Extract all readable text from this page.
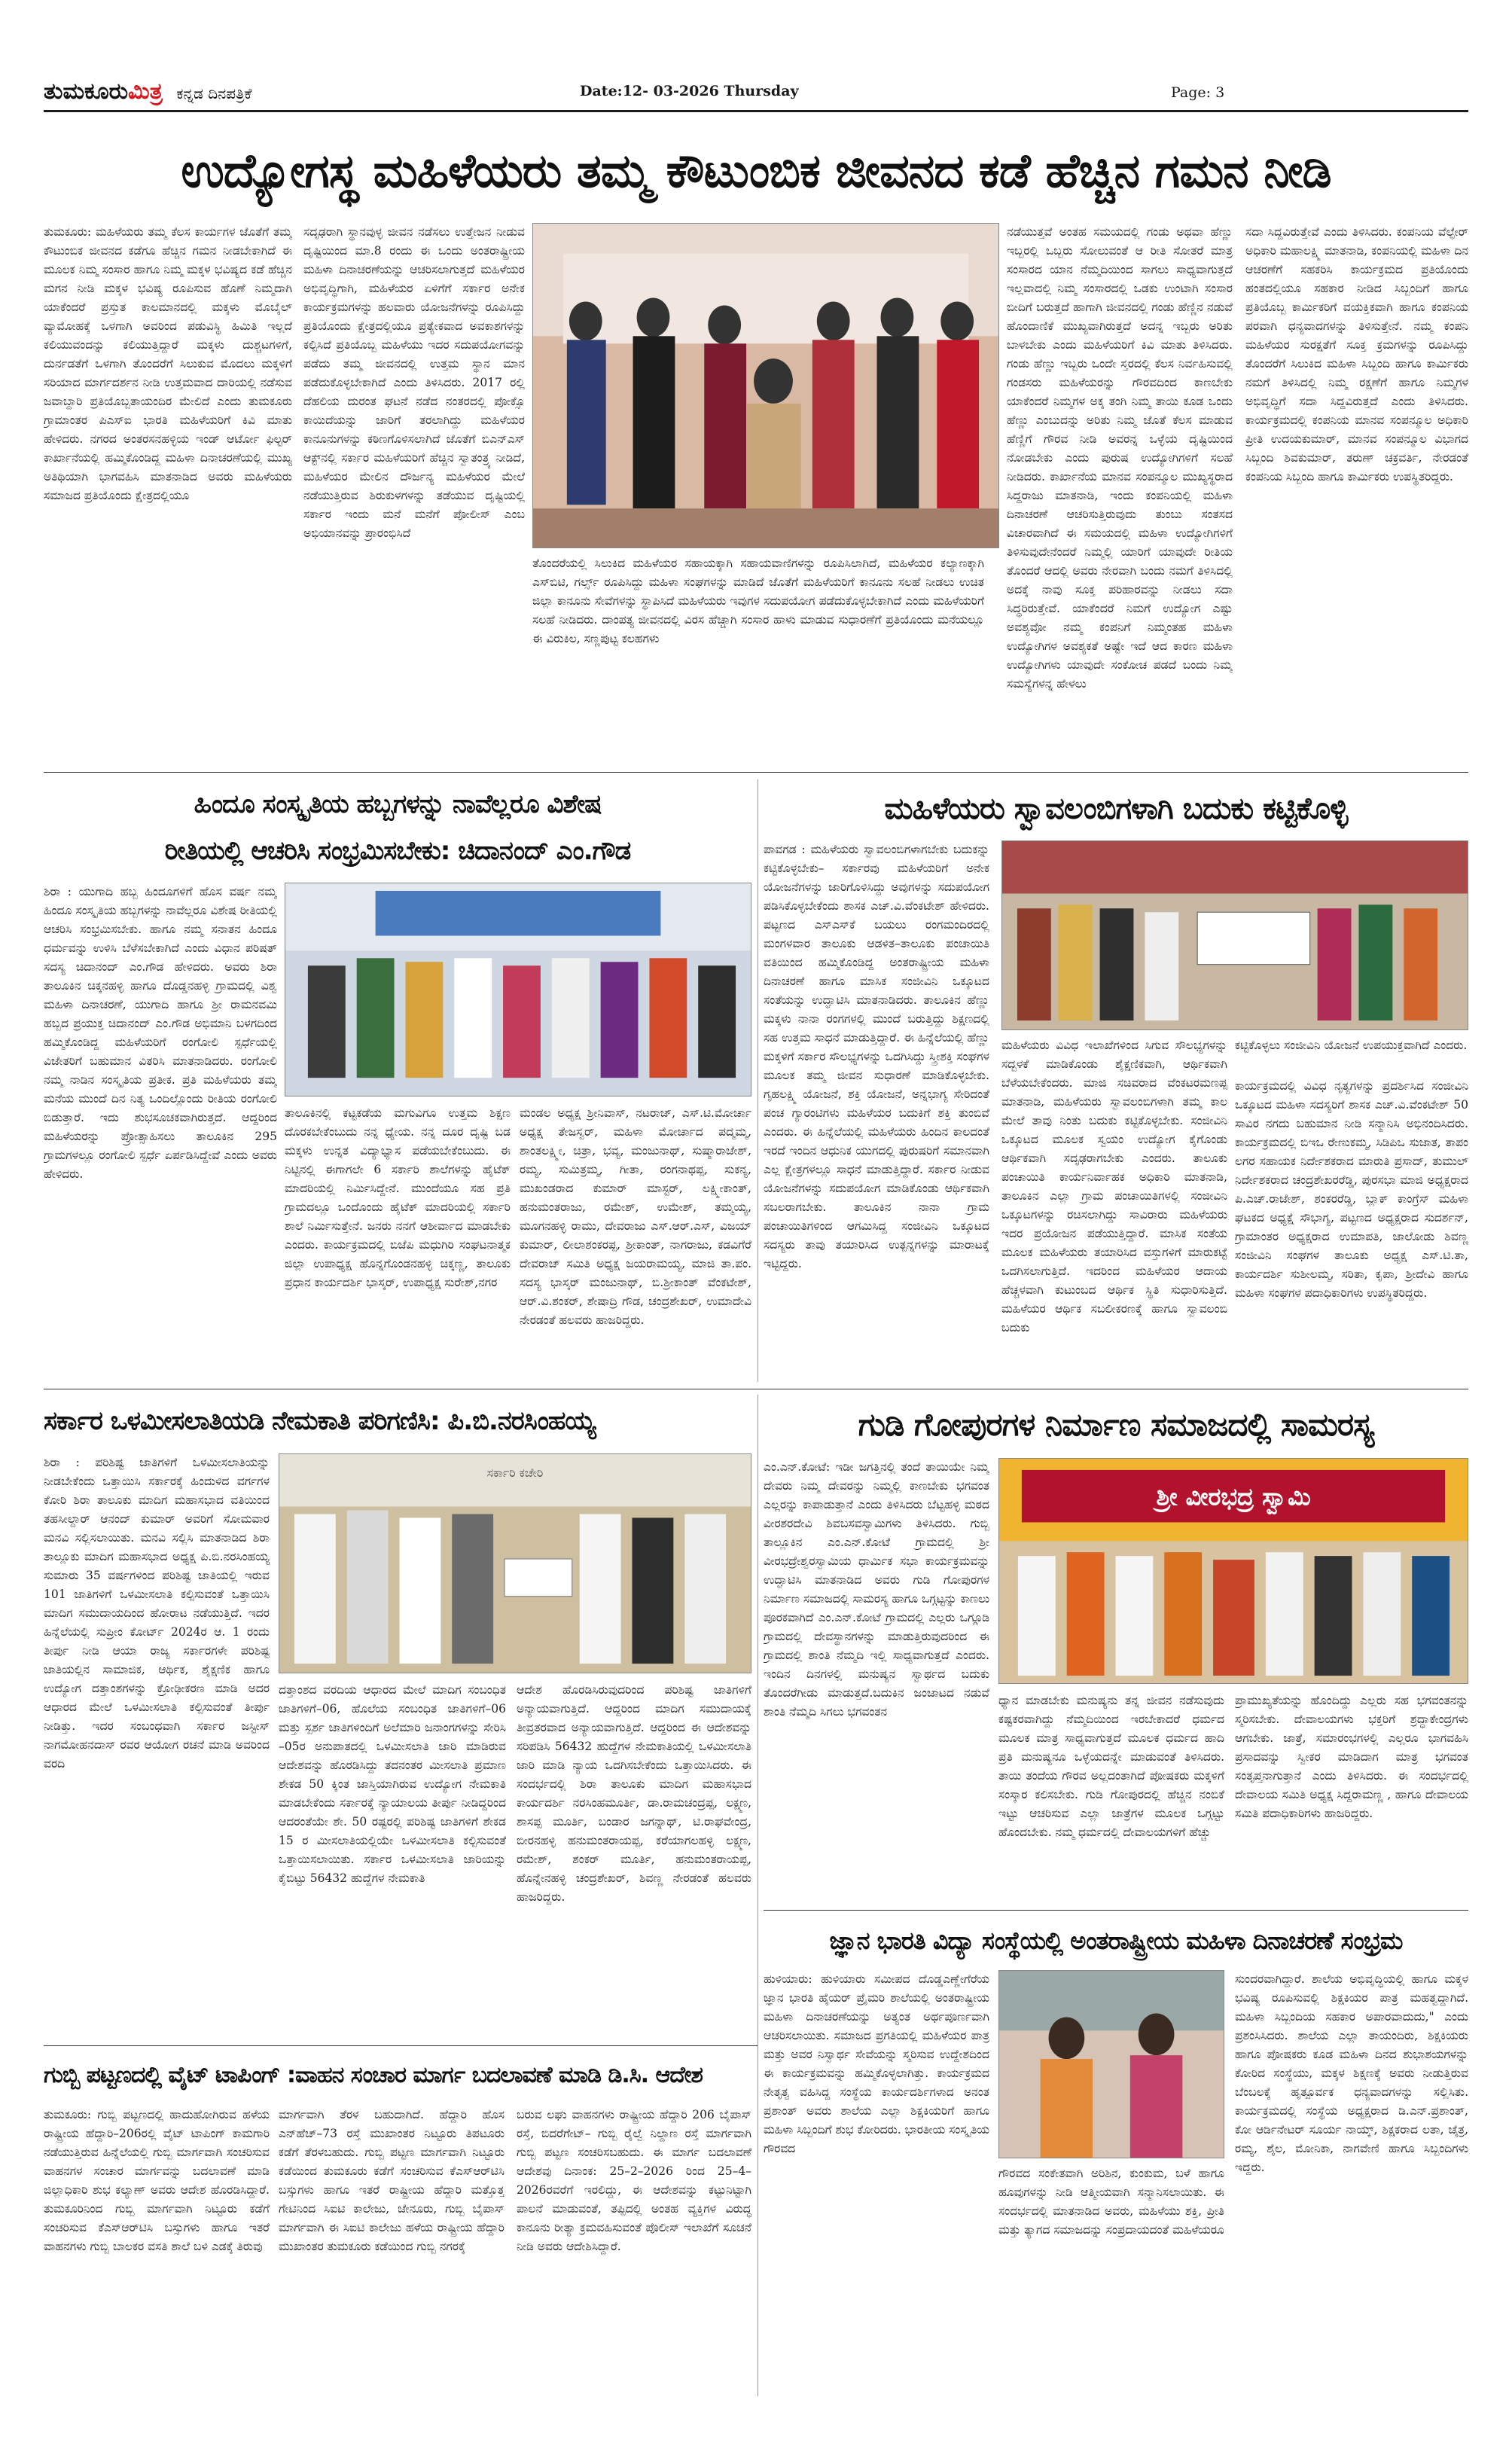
ತುಮಕೂರುಮಿತ್ರ ಕನ್ನಡ ದಿನಪತ್ರಿಕೆ	Date:12- 03-2026 Thursday	Page: 3
ಉದ್ಯೋಗಸ್ಥ ಮಹಿಳೆಯರು ತಮ್ಮ ಕೌಟುಂಬಿಕ ಜೀವನದ ಕಡೆ ಹೆಚ್ಚಿನ ಗಮನ ನೀಡಿ
ತುಮಕೂರು: ಮಹಿಳೆಯರು ತಮ್ಮ ಕೆಲಸ ಕಾರ್ಯಗಳ ಜೊತೆಗೆ ತಮ್ಮ ಕೌಟುಂಬಿಕ ಜೀವನದ ಕಡೆಗೂ ಹೆಚ್ಚಿನ ಗಮನ ನೀಡಬೇಕಾಗಿದೆ ಈ ಮೂಲಕ ನಿಮ್ಮ ಸಂಸಾರ ಹಾಗೂ ನಿಮ್ಮ ಮಕ್ಕಳ ಭವಿಷ್ಯದ ಕಡೆ ಹೆಚ್ಚಿನ ಮಗನ ನೀಡಿ ಮಕ್ಕಳ ಭವಿಷ್ಯ ರೂಪಿಸುವ ಹೊಣೆ ನಿಮ್ಮದಾಗಿ ಯಾಕೆಂದರೆ ಪ್ರಸ್ತುತ ಕಾಲಮಾನದಲ್ಲಿ ಮಕ್ಕಳು ಮೊಬೈಲ್ ವ್ಯಾಮೋಹಕ್ಕೆ ಒಳಗಾಗಿ ಅವರಿಂದ ಪಡುವಿಸ್ಥಿ ಹಿಮಿತಿ ಇಲ್ಲದೆ ಕಲಿಯುವಂದನ್ನು ಕಲಿಯುತ್ತಿದ್ದಾರೆ ಮಕ್ಕಳು ದುಶ್ಚಟಗಳಿಗೆ, ದುರ್ನಡತೆಗೆ ಒಳಗಾಗಿ ತೊಂದರೆಗೆ ಸಿಲುಕುವ ಮೊದಲು ಮಕ್ಕಳಿಗೆ ಸರಿಯಾದ ಮಾರ್ಗದರ್ಶನ ನೀಡಿ ಉತ್ತಮವಾದ ದಾರಿಯಲ್ಲಿ ನಡೆಸುವ ಜವಾಬ್ದಾರಿ ಪ್ರತಿಯೊಬ್ಬತಾಯಂದಿರ ಮೇಲಿದೆ ಎಂದು ತುಮಕೂರು ಗ್ರಾಮಾಂತರ ಪಿಎಸ್‌ಐ ಭಾರತಿ ಮಹಿಳೆಯರಿಗೆ ಕಿವಿ ಮಾತು ಹೇಳಿದರು. ನಗರದ ಅಂತರಸನಹಳ್ಳಿಯ ಇಂಡ್ ಆರ್ಟೋ ಫಿಲ್ಟರ್ ಕಾರ್ಖಾನೆಯಲ್ಲಿ ಹಮ್ಮಿಕೊಂಡಿದ್ದ ಮಹಿಳಾ ದಿನಾಚರಣೆಯಲ್ಲಿ ಮುಖ್ಯ ಅತಿಥಿಯಾಗಿ ಭಾಗವಹಿಸಿ ಮಾತನಾಡಿದ ಅವರು ಮಹಿಳೆಯರು ಸಮಾಜದ ಪ್ರತಿಯೊಂದು ಕ್ಷೇತ್ರದಲ್ಲಿಯೂ
ಸದೃಢರಾಗಿ ಸ್ಥಾನವುಳ್ಳ ಜೀವನ ನಡೆಸಲು ಉತ್ತೇಜನ ನೀಡುವ ದೃಷ್ಟಿಯಿಂದ ಮಾ.8 ರಂದು ಈ ಒಂದು ಅಂತರಾಷ್ಟ್ರೀಯ ಮಹಿಳಾ ದಿನಾಚರಣೆಯನ್ನು ಆಚರಿಸಲಾಗುತ್ತದೆ ಮಹಿಳೆಯರ ಅಭಿವೃದ್ಧಿಗಾಗಿ, ಮಹಿಳೆಯರ ಏಳಿಗೆಗೆ ಸರ್ಕಾರ ಅನೇಕ ಕಾರ್ಯಕ್ರಮಗಳನ್ನು ಹಲವಾರು ಯೋಜನೆಗಳನ್ನು ರೂಪಿಸಿದ್ದು ಪ್ರತಿಯೊಂದು ಕ್ಷೇತ್ರದಲ್ಲಿಯೂ ಪ್ರತ್ಯೇಕವಾದ ಅವಕಾಶಗಳನ್ನು ಕಲ್ಪಿಸಿದೆ ಪ್ರತಿಯೊಬ್ಬ ಮಹಿಳೆಯು ಇದರ ಸದುಪಯೋಗವನ್ನು ಪಡೆದು ತಮ್ಮ ಜೀವನದಲ್ಲಿ ಉತ್ತಮ ಸ್ಥಾನ ಮಾನ ಪಡೆದುಕೊಳ್ಳಬೇಕಾಗಿದೆ ಎಂದು ತಿಳಿಸಿದರು. 2017 ರಲ್ಲಿ ದೆಹಲಿಯ ದುರಂತ ಘಟನೆ ನಡೆದ ನಂತರದಲ್ಲಿ ಪೋಕ್ಸೊ ಕಾಯಿದೆಯನ್ನು ಜಾರಿಗೆ ತರಲಾಗಿದ್ದು ಮಹಿಳೆಯರ ಕಾನೂನುಗಳನ್ನು ಕಠಿಣಗೊಳಿಸಲಾಗಿದೆ ಜೊತೆಗೆ ಬಿಎನ್‌ಎಸ್ ಆಕ್ಟ್‌ನಲ್ಲಿ ಸರ್ಕಾರ ಮಹಿಳೆಯರಿಗೆ ಹೆಚ್ಚಿನ ಸ್ವಾತಂತ್ರ್ಯ ನೀಡಿದೆ, ಮಹಿಳೆಯರ ಮೇಲಿನ ದೌರ್ಜನ್ಯ ಮಹಿಳೆಯರ ಮೇಲೆ ನಡೆಯುತ್ತಿರುವ ಶಿರುಕುಳಗಳನ್ನು ತಡೆಯುವ ದೃಷ್ಟಿಯಲ್ಲಿ ಸರ್ಕಾರ ಇಂದು ಮನೆ ಮನೆಗೆ ಪೋಲೀಸ್ ಎಂಬ ಅಭಿಯಾನವನ್ನು ಪ್ರಾರಂಭಿಸಿದೆ
ತೊಂದರೆಯಲ್ಲಿ ಸಿಲುಕಿದ ಮಹಿಳೆಯರ ಸಹಾಯಕ್ಕಾಗಿ ಸಹಾಯವಾಣಿಗಳನ್ನು ರೂಪಿಸಿಲಾಗಿದೆ, ಮಹಿಳೆಯರ ಕಲ್ಯಾಣಕ್ಕಾಗಿ ಎಸ್‌ಬಿಟಿ, ಗರ್ಲ್ಸ್ ರೂಪಿಸಿದ್ದು ಮಹಿಳಾ ಸಂಘಗಳನ್ನು ಮಾಡಿದೆ ಜೊತೆಗೆ ಮಹಿಳೆಯರಿಗೆ ಕಾನೂನು ಸಲಹೆ ನೀಡಲು ಉಚಿತ ಜಿಲ್ಲಾ ಕಾನೂನು ಸೇವೆಗಳನ್ನು ಸ್ಥಾಪಿಸಿದೆ ಮಹಿಳೆಯರು ಇವುಗಳ ಸದುಪಯೋಗ ಪಡೆದುಕೊಳ್ಳಬೇಕಾಗಿದೆ ಎಂದು ಮಹಿಳೆಯರಿಗೆ ಸಲಹೆ ನೀಡಿದರು. ದಾಂಪತ್ಯ ಜೀವನದಲ್ಲಿ ವಿರಸ ಹೆಚ್ಚಾಗಿ ಸಂಸಾರ ಹಾಳು ಮಾಡುವ ಸುಧಾರಣೆಗೆ ಪ್ರತಿಯೊಂದು ಮನೆಯಲ್ಲೂ ಈ ವಿರುಕಿಲ, ಸಣ್ಣಪುಟ್ಟ ಕಲಹಗಳು
ನಡೆಯುತ್ತವೆ ಅಂತಹ ಸಮಯದಲ್ಲಿ ಗಂಡು ಅಥವಾ ಹೆಣ್ಣು ಇಬ್ಬರಲ್ಲಿ ಒಬ್ಬರು ಸೋಲುವಂತೆ ಆ ರೀತಿ ಸೋತರೆ ಮಾತ್ರ ಸಂಸಾರದ ಯಾನ ನೆಮ್ಮದಿಯಿಂದ ಸಾಗಲು ಸಾಧ್ಯವಾಗುತ್ತದೆ ಇಲ್ಲವಾದಲ್ಲಿ ನಿಮ್ಮ ಸಂಸಾರದಲ್ಲಿ ಒಡಕು ಉಂಟಾಗಿ ಸಂಸಾರ ಬೀದಿಗೆ ಬರುತ್ತದೆ ಹಾಗಾಗಿ ಜೀವನದಲ್ಲಿ ಗಂಡು ಹೆಣ್ಣಿನ ನಡುವೆ ಹೊಂದಾಣಿಕೆ ಮುಖ್ಯವಾಗಿರುತ್ತದೆ ಅದನ್ನ ಇಬ್ಬರು ಅರಿತು ಬಾಳಬೇಕು ಎಂದು ಮಹಿಳೆಯರಿಗೆ ಕಿವಿ ಮಾತು ತಿಳಿಸಿದರು. ಗಂಡು ಹೆಣ್ಣು ಇಬ್ಬರು ಒಂದೇ ಸ್ತರದಲ್ಲಿ ಕೆಲಸ ನಿರ್ವಹಿಸುವಲ್ಲಿ ಗಂಡಸರು ಮಹಿಳೆಯರನ್ನು ಗೌರವದಿಂದ ಕಾಣಬೇಕು ಯಾಕೆಂದರೆ ನಿಮ್ಮಗಳ ಅಕ್ಕ ತಂಗಿ ನಿಮ್ಮ ತಾಯಿ ಕೂಡ ಒಂದು ಹೆಣ್ಣು ಎಂಬುದನ್ನು ಅರಿತು ನಿಮ್ಮ ಜೊತೆ ಕೆಲಸ ಮಾಡುವ ಹೆಣ್ಣಿಗೆ ಗೌರವ ನೀಡಿ ಅವರನ್ನ ಒಳ್ಳೆಯ ದೃಷ್ಟಿಯಿಂದ ನೋಡಬೇಕು ಎಂದು ಪುರುಷ ಉದ್ಯೋಗಿಗಳಿಗೆ ಸಲಹೆ ನೀಡಿದರು. ಕಾರ್ಖಾನೆಯ ಮಾನವ ಸಂಪನ್ಮೂಲ ಮುಖ್ಯಸ್ಥರಾದ ಸಿದ್ದರಾಜು ಮಾತನಾಡಿ, ಇಂದು ಕಂಪನಿಯಲ್ಲಿ ಮಹಿಳಾ ದಿನಾಚರಣೆ ಆಚರಿಸುತ್ತಿರುವುದು ತುಂಬು ಸಂತಸದ ವಿಚಾರವಾಗಿದೆ ಈ ಸಮಯದಲ್ಲಿ ಮಹಿಳಾ ಉದ್ಯೋಗಿಗಳಿಗೆ ತಿಳಿಸುವುದೇನೆಂದರೆ ನಿಮ್ಮಲ್ಲಿ ಯಾರಿಗೆ ಯಾವುದೇ ರೀತಿಯ ತೊಂದರೆ ಆದಲ್ಲಿ ಅವರು ನೇರವಾಗಿ ಬಂದು ನಮಗೆ ತಿಳಿಸಿದಲ್ಲಿ ಅದಕ್ಕೆ ನಾವು ಸೂಕ್ತ ಪರಿಹಾರವನ್ನು ನೀಡಲು ಸದಾ ಸಿದ್ಧರಿರುತ್ತೇವೆ. ಯಾಕೆಂದರೆ ನಿಮಗೆ ಉದ್ಯೋಗ ಎಷ್ಟು ಅವಶ್ಯವೋ ನಮ್ಮ ಕಂಪನಿಗೆ ನಿಮ್ಮಂತಹ ಮಹಿಳಾ ಉದ್ಯೋಗಿಗಳ ಅವಶ್ಯಕತೆ ಅಷ್ಟೇ ಇದೆ ಆದ ಕಾರಣ ಮಹಿಳಾ ಉದ್ಯೋಗಿಗಳು ಯಾವುದೇ ಸಂಕೋಚ ಪಡದೆ ಬಂದು ನಿಮ್ಮ ಸಮಸ್ಯೆಗಳನ್ನ ಹೇಳಲು
ಸದಾ ಸಿದ್ದವಿರುತ್ತೇವೆ ಎಂದು ತಿಳಿಸಿದರು. ಕಂಪನಿಯ ವೆಲ್ಫೇರ್ ಅಧಿಕಾರಿ ಮಹಾಲಕ್ಷ್ಮಿ ಮಾತನಾಡಿ, ಕಂಪನಿಯಲ್ಲಿ ಮಹಿಳಾ ದಿನ ಆಚರಣೆಗೆ ಸಹಕರಿಸಿ ಕಾರ್ಯಕ್ರಮದ ಪ್ರತಿಯೊಂದು ಹಂತದಲ್ಲಿಯೂ ಸಹಕಾರ ನೀಡಿದ ಸಿಬ್ಬಂದಿಗೆ ಹಾಗೂ ಪ್ರತಿಯೊಬ್ಬ ಕಾರ್ಮಿಕರಿಗೆ ವಯಕ್ತಿಕವಾಗಿ ಹಾಗೂ ಕಂಪನಿಯ ಪರವಾಗಿ ಧನ್ಯವಾದಗಳನ್ನು ತಿಳಿಸುತ್ತೇನೆ. ನಮ್ಮ ಕಂಪನಿ ಮಹಿಳೆಯರ ಸುರಕ್ಷತೆಗೆ ಸೂಕ್ತ ಕ್ರಮಗಳನ್ನು ರೂಪಿಸಿದ್ದು ತೊಂದರೆಗೆ ಸಿಲುಕಿದ ಮಹಿಳಾ ಸಿಬ್ಬಂದಿ ಹಾಗೂ ಕಾರ್ಮಿಕರು ನಮಗೆ ತಿಳಿಸಿದಲ್ಲಿ ನಿಮ್ಮ ರಕ್ಷಣೆಗೆ ಹಾಗೂ ನಿಮ್ಮಗಳ ಅಭಿವೃದ್ಧಿಗೆ ಸದಾ ಸಿದ್ದವಿರುತ್ತದೆ ಎಂದು ತಿಳಿಸಿದರು. ಕಾರ್ಯಕ್ರಮದಲ್ಲಿ ಕಂಪನಿಯ ಮಾನವ ಸಂಪನ್ಮೂಲ ಅಧಿಕಾರಿ ಪ್ರೀತಿ ಉದಯಕುಮಾರ್, ಮಾನವ ಸಂಪನ್ಮೂಲ ವಿಭಾಗದ ಸಿಬ್ಬಂದಿ ಶಿವಕುಮಾರ್, ತರುಣ್ ಚಕ್ರವರ್ತಿ, ನೇರಡಂತೆ ಕಂಪನಿಯ ಸಿಬ್ಬಂದಿ ಹಾಗೂ ಕಾರ್ಮಿಕರು ಉಪಸ್ಥಿತರಿದ್ದರು.
ಹಿಂದೂ ಸಂಸ್ಕೃತಿಯ ಹಬ್ಬಗಳನ್ನು ನಾವೆಲ್ಲರೂ ವಿಶೇಷ
ರೀತಿಯಲ್ಲಿ ಆಚರಿಸಿ ಸಂಭ್ರಮಿಸಬೇಕು: ಚಿದಾನಂದ್ ಎಂ.ಗೌಡ
ಶಿರಾ : ಯುಗಾದಿ ಹಬ್ಬ ಹಿಂದೂಗಳಿಗೆ ಹೊಸ ವರ್ಷ ನಮ್ಮ ಹಿಂದೂ ಸಂಸ್ಕೃತಿಯ ಹಬ್ಬಗಳನ್ನು ನಾವೆಲ್ಲರೂ ವಿಶೇಷ ರೀತಿಯಲ್ಲಿ ಆಚರಿಸಿ ಸಂಭ್ರಮಿಸಬೇಕು. ಹಾಗೂ ನಮ್ಮ ಸನಾತನ ಹಿಂದೂ ಧರ್ಮವನ್ನು ಉಳಿಸಿ ಬೆಳೆಸಬೇಕಾಗಿದೆ ಎಂದು ವಿಧಾನ ಪರಿಷತ್ ಸದಸ್ಯ ಚಿದಾನಂದ್ ಎಂ.ಗೌಡ ಹೇಳಿದರು. ಅವರು ಶಿರಾ ತಾಲೂಕಿನ ಚಿಕ್ಕನಹಳ್ಳಿ ಹಾಗೂ ದೊಡ್ಡನಹಳ್ಳಿ ಗ್ರಾಮದಲ್ಲಿ ವಿಶ್ವ ಮಹಿಳಾ ದಿನಾಚರಣೆ, ಯುಗಾದಿ ಹಾಗೂ ಶ್ರೀ ರಾಮನವಮಿ ಹಬ್ಬದ ಪ್ರಯುಕ್ತ ಚಿದಾನಂದ್ ಎಂ.ಗೌಡ ಅಭಿಮಾನಿ ಬಳಗದಿಂದ ಹಮ್ಮಿಕೊಂಡಿದ್ದ ಮಹಿಳೆಯರಿಗೆ ರಂಗೋಲಿ ಸ್ಪರ್ಧೆಯಲ್ಲಿ ವಿಜೇತರಿಗೆ ಬಹುಮಾನ ವಿತರಿಸಿ ಮಾತನಾಡಿದರು. ರಂಗೋಲಿ ನಮ್ಮ ನಾಡಿನ ಸಂಸ್ಕೃತಿಯ ಪ್ರತೀಕ. ಪ್ರತಿ ಮಹಿಳೆಯರು ತಮ್ಮ ಮನೆಯ ಮುಂದೆ ದಿನ ನಿತ್ಯ ಒಂದಿಲ್ಲೊಂದು ರೀತಿಯ ರಂಗೋಲಿ ಬಿಡುತ್ತಾರೆ. ಇದು ಶುಭಸೂಚಕವಾಗಿರುತ್ತದೆ. ಆದ್ದರಿಂದ ಮಹಿಳೆಯರನ್ನು ಪ್ರೋತ್ಸಾಹಿಸಲು ತಾಲೂಕಿನ 295 ಗ್ರಾಮಗಳಲ್ಲೂ ರಂಗೋಲಿ ಸ್ಪರ್ಧೆ ಏರ್ಪಡಿಸಿದ್ದೇವೆ ಎಂದು ಅವರು ಹೇಳಿದರು.
ತಾಲೂಕಿನಲ್ಲಿ ಕಟ್ಟಕಡೆಯ ಮಗುವಿಗೂ ಉತ್ತಮ ಶಿಕ್ಷಣ ದೊರಕಬೇಕೆಂಬುದು ನನ್ನ ಧ್ಯೇಯ. ನನ್ನ ದೂರ ದೃಷ್ಟಿ ಬಡ ಮಕ್ಕಳು ಉನ್ನತ ವಿದ್ಯಾಭ್ಯಾಸ ಪಡೆಯಬೇಕೆಂಬುದು. ಈ ನಿಟ್ಟಿನಲ್ಲಿ ಈಗಾಗಲೇ 6 ಸರ್ಕಾರಿ ಶಾಲೆಗಳನ್ನು ಹೈಟೆಕ್ ಮಾದರಿಯಲ್ಲಿ ನಿರ್ಮಿಸಿದ್ದೇನೆ. ಮುಂದೆಯೂ ಸಹ ಪ್ರತಿ ಗ್ರಾಮದಲ್ಲೂ ಒಂದೊಂದು ಹೈಟೆಕ್ ಮಾದರಿಯಲ್ಲಿ ಸರ್ಕಾರಿ ಶಾಲೆ ನಿರ್ಮಿಸುತ್ತೇನೆ. ಜನರು ನನಗೆ ಆಶೀರ್ವಾದ ಮಾಡಬೇಕು ಎಂದರು. ಕಾರ್ಯಕ್ರಮದಲ್ಲಿ ಬಿಜೆಪಿ ಮಧುಗಿರಿ ಸಂಘಟನಾತ್ಮಕ ಜಿಲ್ಲಾ ಉಪಾಧ್ಯಕ್ಷ ಹೊನ್ನಗೊಂಡನಹಳ್ಳಿ ಚಿಕ್ಕಣ್ಣ, ತಾಲೂಕು ಪ್ರಧಾನ ಕಾರ್ಯದರ್ಶಿ ಭಾಸ್ಕರ್, ಉಪಾಧ್ಯಕ್ಷ ಸುರೇಶ್,ನಗರ
ಮಂಡಲ ಅಧ್ಯಕ್ಷ ಶ್ರೀನಿವಾಸ್, ನಟರಾಜ್, ಎಸ್.ಟಿ.ಮೋರ್ಚಾ ಅಧ್ಯಕ್ಷ ತೇಜಸ್ವರ್, ಮಹಿಳಾ ಮೋರ್ಚಾದ ಪದ್ಮಮ್ಮ, ಶಾಂತಲಕ್ಷ್ಮೀ, ಚಿತ್ರಾ, ಭವ್ಯ, ಮಂಜುನಾಥ್, ಸುಷ್ಮಾರಾಜೇಶ್, ರಮ್ಯ, ಸುಮಿತ್ರಮ್ಮ, ಗೀತಾ, ರಂಗನಾಥಪ್ಪ, ಸುಕನ್ಯ, ಮುಖಂಡರಾದ ಕುಮಾರ್ ಮಾಸ್ಟರ್, ಲಕ್ಷ್ಮೀಕಾಂತ್, ಹನುಮಂತರಾಜು, ರಮೇಶ್, ಉಮೇಶ್, ತಮ್ಮಯ್ಯ, ಮೂಗನಹಳ್ಳಿ ರಾಮು, ದೇವರಾಜು ಎಸ್.ಆರ್.ಎಸ್, ವಿಜಯ್ ಕುಮಾರ್, ಲೀಲಾಶಂಕರಪ್ಪ, ಶ್ರೀಕಾಂತ್, ನಾಗರಾಜು, ಕಡವಿಗೆರೆ ದೇವರಾಜ್ ಸಮಿತಿ ಅಧ್ಯಕ್ಷ ಜಯರಾಮಯ್ಯ, ಮಾಜಿ ತಾ.ಪಂ. ಸದಸ್ಯ ಭಾಸ್ಕರ್ ಮಂಜುನಾಥ್, ಬಿ.ಶ್ರೀಕಾಂತ್ ವೆಂಕಟೇಶ್, ಆರ್.ವಿ.ಶಂಕರ್, ಶೇಷಾದ್ರಿ ಗೌಡ, ಚಂದ್ರಶೇಖರ್, ಉಮಾದೇವಿ ನೇರಡಂತೆ ಹಲವರು ಹಾಜರಿದ್ದರು.
ಮಹಿಳೆಯರು ಸ್ವಾವಲಂಬಿಗಳಾಗಿ ಬದುಕು ಕಟ್ಟಿಕೊಳ್ಳಿ
ಪಾವಗಡ : ಮಹಿಳೆಯರು ಸ್ವಾವಲಂಬಿಗಳಾಗಬೇಕು ಬದುಕನ್ನು ಕಟ್ಟಿಕೊಳ್ಳಬೇಕು– ಸರ್ಕಾರವು ಮಹಿಳೆಯರಿಗೆ ಅನೇಕ ಯೋಜನೆಗಳನ್ನು ಜಾರಿಗೊಳಿಸಿದ್ದು ಅವುಗಳನ್ನು ಸದುಪಯೋಗ ಪಡಿಸಿಕೊಳ್ಳಬೇಕೆಂದು ಶಾಸಕ ಎಚ್.ವಿ.ವೆಂಕಟೇಶ್ ಹೇಳಿದರು. ಪಟ್ಟಣದ ಎಸ್‌ಎಸ್‌ಕೆ ಬಯಲು ರಂಗಮಂದಿರದಲ್ಲಿ ಮಂಗಳವಾರ ತಾಲೂಕು ಆಡಳಿತ–ತಾಲೂಕು ಪಂಚಾಯಿತಿ ವತಿಯಿಂದ ಹಮ್ಮಿಕೊಂಡಿದ್ದ ಅಂತರಾಷ್ಟ್ರೀಯ ಮಹಿಳಾ ದಿನಾಚರಣೆ ಹಾಗೂ ಮಾಸಿಕ ಸಂಜೀವಿನಿ ಒಕ್ಕೂಟದ ಸಂತೆಯನ್ನು ಉದ್ಘಾಟಿಸಿ ಮಾತನಾಡಿದರು. ತಾಲೂಕಿನ ಹೆಣ್ಣು ಮಕ್ಕಳು ನಾನಾ ರಂಗಗಳಲ್ಲಿ ಮುಂದೆ ಬರುತ್ತಿದ್ದು ಶಿಕ್ಷಣದಲ್ಲಿ ಸಹ ಉತ್ತಮ ಸಾಧನೆ ಮಾಡುತ್ತಿದ್ದಾರೆ. ಈ ಹಿನ್ನೆಲೆಯಲ್ಲಿ ಹೆಣ್ಣು ಮಕ್ಕಳಿಗೆ ಸರ್ಕಾರ ಸೌಲಭ್ಯಗಳನ್ನು ಒದಗಿಸಿದ್ದು ಸ್ತ್ರೀಶಕ್ತಿ ಸಂಘಗಳ ಮೂಲಕ ತಮ್ಮ ಜೀವನ ಸುಧಾರಣೆ ಮಾಡಿಕೊಳ್ಳಬೇಕು. ಗೃಹಲಕ್ಷ್ಮಿ ಯೋಜನೆ, ಶಕ್ತಿ ಯೋಜನೆ, ಅನ್ನಭಾಗ್ಯ ಸೇರಿದಂತೆ ಪಂಚ ಗ್ಯಾರಂಟಿಗಳು ಮಹಿಳೆಯರ ಬದುಕಿಗೆ ಶಕ್ತಿ ತುಂಬಿವೆ ಎಂದರು. ಈ ಹಿನ್ನೆಲೆಯಲ್ಲಿ ಮಹಿಳೆಯರು ಹಿಂದಿನ ಕಾಲದಂತೆ ಇರದೆ ಇಂದಿನ ಆಧುನಿಕ ಯುಗದಲ್ಲಿ ಪುರುಷರಿಗೆ ಸಮಾನವಾಗಿ ಎಲ್ಲ ಕ್ಷೇತ್ರಗಳಲ್ಲೂ ಸಾಧನೆ ಮಾಡುತ್ತಿದ್ದಾರೆ. ಸರ್ಕಾರ ನೀಡುವ ಯೋಜನೆಗಳನ್ನು ಸದುಪಯೋಗ ಮಾಡಿಕೊಂಡು ಆರ್ಥಿಕವಾಗಿ ಸಬಲರಾಗಬೇಕು. ತಾಲೂಕಿನ ನಾನಾ ಗ್ರಾಮ ಪಂಚಾಯಿತಿಗಳಿಂದ ಆಗಮಿಸಿದ್ದ ಸಂಜೀವಿನಿ ಒಕ್ಕೂಟದ ಸದಸ್ಯರು ತಾವು ತಯಾರಿಸಿದ ಉತ್ಪನ್ನಗಳನ್ನು ಮಾರಾಟಕ್ಕೆ ಇಟ್ಟಿದ್ದರು.
ಕಟ್ಟಿಕೊಳ್ಳಲು ಸಂಜೀವಿನಿ ಯೋಜನೆ ಉಪಯುಕ್ತವಾಗಿದೆ ಎಂದರು.
ಮಹಿಳೆಯರು ವಿವಿಧ ಇಲಾಖೆಗಳಿಂದ ಸಿಗುವ ಸೌಲಭ್ಯಗಳನ್ನು ಸದ್ಬಳಕೆ ಮಾಡಿಕೊಂಡು ಶೈಕ್ಷಣಿಕವಾಗಿ, ಆರ್ಥಿಕವಾಗಿ ಬೆಳೆಯಬೇಕೆಂದರು. ಮಾಜಿ ಸಚಿವರಾದ ವೆಂಕಟರಮಣಪ್ಪ ಮಾತನಾಡಿ, ಮಹಿಳೆಯರು ಸ್ವಾವಲಂಬಿಗಳಾಗಿ ತಮ್ಮ ಕಾಲ ಮೇಲೆ ತಾವು ನಿಂತು ಬದುಕು ಕಟ್ಟಿಕೊಳ್ಳಬೇಕು. ಸಂಜೀವಿನಿ ಒಕ್ಕೂಟದ ಮೂಲಕ ಸ್ವಯಂ ಉದ್ಯೋಗ ಕೈಗೊಂಡು ಆರ್ಥಿಕವಾಗಿ ಸದೃಢರಾಗಬೇಕು ಎಂದರು. ತಾಲೂಕು ಪಂಚಾಯಿತಿ ಕಾರ್ಯನಿರ್ವಾಹಕ ಅಧಿಕಾರಿ ಮಾತನಾಡಿ, ತಾಲೂಕಿನ ಎಲ್ಲಾ ಗ್ರಾಮ ಪಂಚಾಯಿತಿಗಳಲ್ಲಿ ಸಂಜೀವಿನಿ ಒಕ್ಕೂಟಗಳನ್ನು ರಚಿಸಲಾಗಿದ್ದು ಸಾವಿರಾರು ಮಹಿಳೆಯರು ಇದರ ಪ್ರಯೋಜನ ಪಡೆಯುತ್ತಿದ್ದಾರೆ. ಮಾಸಿಕ ಸಂತೆಯ ಮೂಲಕ ಮಹಿಳೆಯರು ತಯಾರಿಸಿದ ವಸ್ತುಗಳಿಗೆ ಮಾರುಕಟ್ಟೆ ಒದಗಿಸಲಾಗುತ್ತಿದೆ. ಇದರಿಂದ ಮಹಿಳೆಯರ ಆದಾಯ ಹೆಚ್ಚಳವಾಗಿ ಕುಟುಂಬದ ಆರ್ಥಿಕ ಸ್ಥಿತಿ ಸುಧಾರಿಸುತ್ತಿದೆ. ಮಹಿಳೆಯರ ಆರ್ಥಿಕ ಸಬಲೀಕರಣಕ್ಕೆ ಹಾಗೂ ಸ್ವಾವಲಂಬಿ ಬದುಕು
ಕಾರ್ಯಕ್ರಮದಲ್ಲಿ ವಿವಿಧ ನೃತ್ಯಗಳನ್ನು ಪ್ರದರ್ಶಿಸಿದ ಸಂಜೀವಿನಿ ಒಕ್ಕೂಟದ ಮಹಿಳಾ ಸದಸ್ಯರಿಗೆ ಶಾಸಕ ಎಚ್.ವಿ.ವೆಂಕಟೇಶ್ 50 ಸಾವಿರ ನಗದು ಬಹುಮಾನ ನೀಡಿ ಸನ್ಮಾನಿಸಿ ಅಭಿನಂದಿಸಿದರು. ಕಾರ್ಯಕ್ರಮದಲ್ಲಿ ಬಿಇಒ ರೇಣುಕಮ್ಮ, ಸಿಡಿಪಿಒ ಸುಜಾತ, ತಾಪಂ ಲಗರ ಸಹಾಯಕ ನಿರ್ದೇಶಕರಾದ ಮಾರುತಿ ಪ್ರಸಾದ್, ತುಮುಲ್ ನಿರ್ದೇಶಕರಾದ ಚಂದ್ರಶೇಖರರೆಡ್ಡಿ, ಪುರಸಭಾ ಮಾಜಿ ಅಧ್ಯಕ್ಷರಾದ ಪಿ.ಎಚ್.ರಾಜೇಶ್, ಶಂಕರರೆಡ್ಡಿ, ಬ್ಲಾಕ್ ಕಾಂಗ್ರೆಸ್ ಮಹಿಳಾ ಘಟಕದ ಅಧ್ಯಕ್ಷೆ ಸೌಭಾಗ್ಯ, ಪಟ್ಟಣದ ಅಧ್ಯಕ್ಷರಾದ ಸುದರ್ಶನ್, ಗ್ರಾಮಾಂತರ ಅಧ್ಯಕ್ಷರಾದ ಉಮಾಪತಿ, ಜಾಲೋಡು ಶಿವಣ್ಣ ಸಂಜೀವಿನಿ ಸಂಘಗಳ ತಾಲೂಕು ಅಧ್ಯಕ್ಷ ಎಸ್.ಟಿ.ತಾ, ಕಾರ್ಯದರ್ಶಿ ಸುಶೀಲಮ್ಮ, ಸರಿತಾ, ಕೃಪಾ, ಶ್ರೀದೇವಿ ಹಾಗೂ ಮಹಿಳಾ ಸಂಘಗಳ ಪದಾಧಿಕಾರಿಗಳು ಉಪಸ್ಥಿತರಿದ್ದರು.
ಸರ್ಕಾರ ಒಳಮೀಸಲಾತಿಯಡಿ ನೇಮಕಾತಿ ಪರಿಗಣಿಸಿ: ಪಿ.ಬಿ.ನರಸಿಂಹಯ್ಯ
ಶಿರಾ : ಪರಿಶಿಷ್ಟ ಜಾತಿಗಳಿಗೆ ಒಳಮೀಸಲಾತಿಯನ್ನು ನೀಡಬೇಕೆಂದು ಒತ್ತಾಯಿಸಿ ಸರ್ಕಾರಕ್ಕೆ ಹಿಂದುಳಿದ ವರ್ಗಗಳ ಕೋರಿ ಶಿರಾ ತಾಲೂಕು ಮಾದಿಗ ಮಹಾಸಭಾದ ವತಿಯಿಂದ ತಹಸೀಲ್ದಾರ್ ಆನಂದ್ ಕುಮಾರ್ ಅವರಿಗೆ ಸೋಮವಾರ ಮನವಿ ಸಲ್ಲಿಸಲಾಯಿತು. ಮನವಿ ಸಲ್ಲಿಸಿ ಮಾತನಾಡಿದ ಶಿರಾ ತಾಲ್ಲೂಕು ಮಾದಿಗ ಮಹಾಸಭಾದ ಅಧ್ಯಕ್ಷ ಪಿ.ಬಿ.ನರಸಿಂಹಯ್ಯ ಸುಮಾರು 35 ವರ್ಷಗಳಿಂದ ಪರಿಶಿಷ್ಟ ಜಾತಿಯಲ್ಲಿ ಇರುವ 101 ಜಾತಿಗಳಿಗೆ ಒಳಮೀಸಲಾತಿ ಕಲ್ಪಿಸುವಂತೆ ಒತ್ತಾಯಿಸಿ ಮಾದಿಗ ಸಮುದಾಯದಿಂದ ಹೋರಾಟ ನಡೆಯುತ್ತಿದೆ. ಇದರ ಹಿನ್ನೆಲೆಯಲ್ಲಿ ಸುಪ್ರೀಂ ಕೋರ್ಟ್ 2024ರ ಆ. 1 ರಂದು ತೀರ್ಪು ನೀಡಿ ಆಯಾ ರಾಜ್ಯ ಸರ್ಕಾರಗಳೇ ಪರಿಶಿಷ್ಟ ಜಾತಿಯಲ್ಲಿನ ಸಾಮಾಜಿಕ, ಆರ್ಥಿಕ, ಶೈಕ್ಷಣಿಕ ಹಾಗೂ ಉದ್ಯೋಗ ದತ್ತಾಂಶಗಳನ್ನು ಕ್ರೋಢೀಕರಣ ಮಾಡಿ ಅದರ ಆಧಾರದ ಮೇಲೆ ಒಳಮೀಸಲಾತಿ ಕಲ್ಪಿಸುವಂತೆ ತೀರ್ಪು ನೀಡಿತ್ತು. ಇದರ ಸಂಬಂಧವಾಗಿ ಸರ್ಕಾರ ಜಸ್ಟೀಸ್ ನಾಗಮೋಹನದಾಸ್ ರವರ ಆಯೋಗ ರಚನೆ ಮಾಡಿ ಅವರಿಂದ ವರದಿ
ಸರ್ಕಾರಿ ಕಚೇರಿ
ದತ್ತಾಂಶದ ವರದಿಯ ಆಧಾರದ ಮೇಲೆ ಮಾದಿಗ ಸಂಬಂಧಿತ ಜಾತಿಗಳಿಗೆ–06, ಹೊಲೆಯ ಸಂಬಂಧಿತ ಜಾತಿಗಳಿಗೆ–06 ಮತ್ತು ಸ್ಪರ್ಶ ಜಾತಿಗಳಿಂದಿಗೆ ಅಲೆಮಾರಿ ಜನಾಂಗಗಳನ್ನು ಸೇರಿಸಿ –05ರ ಅನುಪಾತದಲ್ಲಿ ಒಳಮೀಸಲಾತಿ ಜಾರಿ ಮಾಡಿರುವ ಆದೇಶವನ್ನು ಹೊರಡಿಸಿದ್ದು ತದನಂತರ ಮೀಸಲಾತಿ ಪ್ರಮಾಣ ಶೇಕಡ 50 ಕ್ಕಿಂತ ಜಾಸ್ತಿಯಾಗಿರುವ ಉದ್ಯೋಗ ನೇಮಕಾತಿ ಮಾಡಬೇಕೆಂದು ಸರ್ಕಾರಕ್ಕೆ ನ್ಯಾಯಾಲಯ ತೀರ್ಪು ನೀಡಿದ್ದರಿಂದ ಆದರಂತೆಯೇ ಶೇ. 50 ರಷ್ಟರಲ್ಲಿ ಪರಿಶಿಷ್ಟ ಜಾತಿಗಳಿಗೆ ಶೇಕಡ 15 ರ ಮೀಸಲಾತಿಯಲ್ಲಿಯೇ ಒಳಮೀಸಲಾತಿ ಕಲ್ಪಿಸುವಂತೆ ಒತ್ತಾಯಿಸಲಾಯಿತು. ಸರ್ಕಾರ ಒಳಮೀಸಲಾತಿ ಜಾರಿಯನ್ನು ಕೈಬಿಟ್ಟು 56432 ಹುದ್ದೆಗಳ ನೇಮಕಾತಿ
ಆದೇಶ ಹೊರಡಿಸಿರುವುದರಿಂದ ಪರಿಶಿಷ್ಟ ಜಾತಿಗಳಿಗೆ ಅನ್ಯಾಯವಾಗುತ್ತಿದೆ. ಆದ್ದರಿಂದ ಮಾದಿಗ ಸಮುದಾಯಕ್ಕೆ ತೀವ್ರತರವಾದ ಅನ್ಯಾಯವಾಗುತ್ತಿದೆ. ಆದ್ದರಿಂದ ಈ ಆದೇಶವನ್ನು ಸರಿಪಡಿಸಿ 56432 ಹುದ್ದೆಗಳ ನೇಮಕಾತಿಯಲ್ಲಿ ಒಳಮೀಸಲಾತಿ ಜಾರಿ ಮಾಡಿ ನ್ಯಾಯ ಒದಗಿಸಬೇಕೆಂದು ಒತ್ತಾಯಿಸಿದರು. ಈ ಸಂದರ್ಭದಲ್ಲಿ ಶಿರಾ ತಾಲೂಕು ಮಾದಿಗ ಮಹಾಸಭಾದ ಕಾರ್ಯದರ್ಶಿ ನರಸಿಂಹಮೂರ್ತಿ, ಡಾ.ರಾಮಚಂದ್ರಪ್ಪ, ಲಕ್ಷ್ಮಣ, ಶಾಸಪ್ಪ ಮೂರ್ತಿ, ಬಂಡಾರ ಜಗನ್ನಾಥ್, ಟಿ.ರಾಘವೇಂದ್ರ, ಬೀರನಹಳ್ಳಿ ಹನುಮಂತರಾಯಪ್ಪ, ಕರೆಯಾಗಲಹಳ್ಳಿ ಲಕ್ಷ್ಮಣ, ರಮೇಶ್, ಶಂಕರ್ ಮೂರ್ತಿ, ಹನುಮಂತರಾಯಪ್ಪ, ಹೊನ್ನೇನಹಳ್ಳಿ ಚಂದ್ರಶೇಖರ್, ಶಿವಣ್ಣ ನೇರಡಂತೆ ಹಲವರು ಹಾಜರಿದ್ದರು.
ಗುಬ್ಬಿ ಪಟ್ಟಣದಲ್ಲಿ ವೈಟ್ ಟಾಪಿಂಗ್ :ವಾಹನ ಸಂಚಾರ ಮಾರ್ಗ ಬದಲಾವಣೆ ಮಾಡಿ ಡಿ.ಸಿ. ಆದೇಶ
ತುಮಕೂರು: ಗುಬ್ಬಿ ಪಟ್ಟಣದಲ್ಲಿ ಹಾದುಹೋಗಿರುವ ಹಳೆಯ ರಾಷ್ಟ್ರೀಯ ಹೆದ್ದಾರಿ–206ರಲ್ಲಿ ವೈಟ್ ಟಾಪಿಂಗ್ ಕಾಮಗಾರಿ ನಡೆಯುತ್ತಿರುವ ಹಿನ್ನೆಲೆಯಲ್ಲಿ ಗುಬ್ಬಿ ಮಾರ್ಗವಾಗಿ ಸಂಚರಿಸುವ ವಾಹನಗಳ ಸಂಚಾರ ಮಾರ್ಗವನ್ನು ಬದಲಾವಣೆ ಮಾಡಿ ಜಿಲ್ಲಾಧಿಕಾರಿ ಶುಭ ಕಲ್ಯಾಣ್ ಅವರು ಆದೇಶ ಹೊರಡಿಸಿದ್ದಾರೆ. ತುಮಕೂರಿನಿಂದ ಗುಬ್ಬಿ ಮಾರ್ಗವಾಗಿ ನಿಟ್ಟೂರು ಕಡೆಗೆ ಸಂಚರಿಸುವ ಕೆಎಸ್‌ಆರ್‌ಟಿಸಿ ಬಸ್ಸುಗಳು ಹಾಗೂ ಇತರೆ ವಾಹನಗಳು ಗುಬ್ಬಿ ಬಾಲಕರ ವಸತಿ ಶಾಲೆ ಬಳಿ ಎಡಕ್ಕೆ ತಿರುವು
ಮಾರ್ಗವಾಗಿ ತೆರಳ ಬಹುದಾಗಿದೆ. ಹೆದ್ದಾರಿ ಹೊಸ ಎನ್‌ಹೆಚ್–73 ರಸ್ತೆ ಮುಖಾಂತರ ನಿಟ್ಟೂರು ತಿಪಟೂರು ಕಡೆಗೆ ತೆರಳಬಹುದು. ಗುಬ್ಬಿ ಪಟ್ಟಣ ಮಾರ್ಗವಾಗಿ ನಿಟ್ಟೂರು ಕಡೆಯಿಂದ ತುಮಕೂರು ಕಡೆಗೆ ಸಂಚರಿಸುವ ಕೆಎಸ್‌ಆರ್‌ಟಿಸಿ ಬಸ್ಸುಗಳು ಹಾಗೂ ಇತರೆ ರಾಷ್ಟ್ರೀಯ ಹೆದ್ದಾರಿ ಮತ್ತೊತ್ತ ಗೇಟಿನಿಂದ ಸಿಐಟಿ ಕಾಲೇಜು, ಜೇನೂರು, ಗುಬ್ಬಿ ಬೈಪಾಸ್ ಮಾರ್ಗವಾಗಿ ಈ ಸಿಐಟಿ ಕಾಲೇಜು ಹಳೆಯ ರಾಷ್ಟ್ರೀಯ ಹೆದ್ದಾರಿ ಮುಖಾಂತರ ತುಮಕೂರು ಕಡೆಯಿಂದ ಗುಬ್ಬಿ ನಗರಕ್ಕೆ
ಬರುವ ಲಘು ವಾಹನಗಳು ರಾಷ್ಟ್ರೀಯ ಹೆದ್ದಾರಿ 206 ಬೈಪಾಸ್ ರಸ್ತೆ, ಬಿದರೆಗೇಟ್– ಗುಬ್ಬಿ ರೈಲ್ವೆ ನಿಲ್ದಾಣ ರಸ್ತೆ ಮಾರ್ಗವಾಗಿ ಗುಬ್ಬಿ ಪಟ್ಟಣ ಸಂಚರಿಸಬಹುದು. ಈ ಮಾರ್ಗ ಬದಲಾವಣೆ ಆದೇಶವು ದಿನಾಂಕ: 25–2–2026 ರಿಂದ 25–4–2026ರವರೆಗೆ ಇರಲಿದ್ದು, ಈ ಆದೇಶವನ್ನು ಕಟ್ಟುನಿಟ್ಟಾಗಿ ಪಾಲನೆ ಮಾಡುವಂತೆ, ತಪ್ಪಿದಲ್ಲಿ ಅಂತಹ ವ್ಯಕ್ತಿಗಳ ವಿರುದ್ಧ ಕಾನೂನು ರೀತ್ಯಾ ಕ್ರಮವಹಿಸುವಂತೆ ಪೊಲೀಸ್ ಇಲಾಖೆಗೆ ಸೂಚನೆ ನೀಡಿ ಅವರು ಆದೇಶಿಸಿದ್ದಾರೆ.
ಗುಡಿ ಗೋಪುರಗಳ ನಿರ್ಮಾಣ ಸಮಾಜದಲ್ಲಿ ಸಾಮರಸ್ಯ
ಎಂ.ಎನ್.ಕೋಟೆ: ಇಡೀ ಜಗತ್ತಿನಲ್ಲಿ ತಂದೆ ತಾಯಿಯೇ ನಿಮ್ಮ ದೇವರು ನಿಮ್ಮ ದೇವರನ್ನು ನಿಮ್ಮಲ್ಲಿ ಕಾಣಬೇಕು ಭಗವಂತ ಎಲ್ಲರನ್ನು ಕಾಪಾಡುತ್ತಾನೆ ಎಂದು ತಿಳಿಸಿದರು ಬೆಟ್ಟಹಳ್ಳಿ ಮಠದ ವೀರಶರದೇವಿ ಶಿವಬಸವಸ್ವಾಮಿಗಳು ತಿಳಿಸಿದರು. ಗುಬ್ಬಿ ತಾಲ್ಲೂಕಿನ ಎಂ.ಎನ್.ಕೋಟೆ ಗ್ರಾಮದಲ್ಲಿ ಶ್ರೀ ವೀರಭದ್ರೇಶ್ವರಸ್ವಾಮಿಯ ಧಾರ್ಮಿಕ ಸಭಾ ಕಾರ್ಯಕ್ರಮವನ್ನು ಉದ್ಘಾಟಿಸಿ ಮಾತನಾಡಿದ ಅವರು ಗುಡಿ ಗೋಪುರಗಳ ನಿರ್ಮಾಣ ಸಮಾಜದಲ್ಲಿ ಸಾಮರಸ್ಯ ಹಾಗೂ ಒಗ್ಗಟ್ಟನ್ನು ಕಾಣಲು ಪೂರಕವಾಗಿದೆ ಎಂ.ಎನ್.ಕೋಟೆ ಗ್ರಾಮದಲ್ಲಿ ಎಲ್ಲರು ಒಗ್ಗೂಡಿ ಗ್ರಾಮದಲ್ಲಿ ದೇವಸ್ಥಾನಗಳನ್ನು ಮಾಡುತ್ತಿರುವುದರಿಂದ ಈ ಗ್ರಾಮದಲ್ಲಿ ಶಾಂತಿ ನೆಮ್ಮದಿ ಇಲ್ಲಿ ಸಾಧ್ಯವಾಗುತ್ತದೆ ಎಂದರು. ಇಂದಿನ ದಿನಗಳಲ್ಲಿ ಮನುಷ್ಯನ ಸ್ವಾರ್ಥದ ಬದುಕು ತೊಂದರೆಗೀಡು ಮಾಡುತ್ತದೆ.ಬದುಕಿನ ಜಂಜಾಟದ ನಡುವೆ ಶಾಂತಿ ನೆಮ್ಮದಿ ಸಿಗಲು ಭಗವಂತನ
ಶ್ರೀ ವೀರಭದ್ರ ಸ್ವಾಮಿ
ಧ್ಯಾನ ಮಾಡಬೇಕು ಮನುಷ್ಯನು ತನ್ನ ಜೀವನ ನಡೆಸುವುದು ಕಷ್ಟಕರವಾಗಿದ್ದು ನೆಮ್ಮದಿಯಿಂದ ಇರಬೇಕಾದರೆ ಧರ್ಮದ ಮೂಲಕ ಮಾತ್ರ ಸಾಧ್ಯವಾಗುತ್ತದೆ ಮೂಲಕ ಧರ್ಮದ ಹಾದಿ ಪ್ರತಿ ಮನುಷ್ಯನೂ ಒಳ್ಳೆಯದನ್ನೇ ಮಾಡುವಂತೆ ತಿಳಿಸಿದರು. ತಾಯಿ ತಂದೆಯ ಗೌರವ ಅಲ್ಲದಂತಾಗಿದೆ ಪೋಷಕರು ಮಕ್ಕಳಿಗೆ ಸಂಸ್ಕಾರ ಕಲಿಸಬೇಕು. ಗುಡಿ ಗೋಪುರದಲ್ಲಿ ಹೆಚ್ಚಿನ ನಂಬಿಕೆ ಇಟ್ಟು ಆಚರಿಸುವ ಎಲ್ಲಾ ಜಾತ್ರೆಗಳ ಮೂಲಕ ಒಗ್ಗಟ್ಟು ಹೊಂದಬೇಕು. ನಮ್ಮ ಧರ್ಮದಲ್ಲಿ ದೇವಾಲಯಗಳಿಗೆ ಹೆಚ್ಚು
ಪ್ರಾಮುಖ್ಯತೆಯನ್ನು ಹೊಂದಿದ್ದು ಎಲ್ಲರು ಸಹ ಭಗವಂತನನ್ನು ಸ್ಮರಿಸಬೇಕು. ದೇವಾಲಯಗಳು ಭಕ್ತರಿಗೆ ಶ್ರದ್ಧಾಕೇಂದ್ರಗಳು ಆಗಬೇಕು. ಜಾತ್ರೆ, ಸಮಾರಂಭಗಳಲ್ಲಿ ಎಲ್ಲರೂ ಭಾಗವಹಿಸಿ ಪ್ರಸಾದವನ್ನು ಸ್ವೀಕರ ಮಾಡಿದಾಗ ಮಾತ್ರ ಭಗವಂತ ಸಂತೃಪ್ತನಾಗುತ್ತಾನೆ ಎಂದು ತಿಳಿಸಿದರು. ಈ ಸಂದರ್ಭದಲ್ಲಿ ದೇವಾಲಯ ಸಮಿತಿ ಅಧ್ಯಕ್ಷ ಸಿದ್ದರಾಮಣ್ಣ , ಹಾಗೂ ದೇವಾಲಯ ಸಮಿತಿ ಪದಾಧಿಕಾರಿಗಳು ಹಾಜರಿದ್ದರು.
ಜ್ಞಾನ ಭಾರತಿ ವಿದ್ಯಾ ಸಂಸ್ಥೆಯಲ್ಲಿ ಅಂತರಾಷ್ಟ್ರೀಯ ಮಹಿಳಾ ದಿನಾಚರಣೆ ಸಂಭ್ರಮ
ಹುಳಿಯಾರು: ಹುಳಿಯಾರು ಸಮೀಪದ ದೊಡ್ಡಎಣ್ಣೇಗೆರೆಯ ಜ್ಞಾನ ಭಾರತಿ ಹೈಯರ್ ಪ್ರೈಮರಿ ಶಾಲೆಯಲ್ಲಿ ಅಂತರಾಷ್ಟ್ರೀಯ ಮಹಿಳಾ ದಿನಾಚರಣೆಯನ್ನು ಅತ್ಯಂತ ಅರ್ಥಪೂರ್ಣವಾಗಿ ಆಚರಿಸಲಾಯಿತು. ಸಮಾಜದ ಪ್ರಗತಿಯಲ್ಲಿ ಮಹಿಳೆಯರ ಪಾತ್ರ ಮತ್ತು ಅವರ ನಿಸ್ವಾರ್ಥ ಸೇವೆಯನ್ನು ಸ್ಮರಿಸುವ ಉದ್ದೇಶದಿಂದ ಈ ಕಾರ್ಯಕ್ರಮವನ್ನು ಹಮ್ಮಿಕೊಳ್ಳಲಾಗಿತ್ತು. ಕಾರ್ಯಕ್ರಮದ ನೇತೃತ್ವ ವಹಿಸಿದ್ದ ಸಂಸ್ಥೆಯ ಕಾರ್ಯದರ್ಶಿಗಳಾದ ಅನಂತ ಪ್ರಶಾಂತ್ ಅವರು ಶಾಲೆಯ ಎಲ್ಲಾ ಶಿಕ್ಷಕಿಯರಿಗೆ ಹಾಗೂ ಮಹಿಳಾ ಸಿಬ್ಬಂದಿಗೆ ಶುಭ ಕೋರಿದರು. ಭಾರತೀಯ ಸಂಸ್ಕೃತಿಯ ಗೌರವದ
ಗೌರವದ ಸಂಕೇತವಾಗಿ ಅರಿಶಿನ, ಕುಂಕುಮ, ಬಳೆ ಹಾಗೂ ಹೂವುಗಳನ್ನು ನೀಡಿ ಆತ್ಮೀಯವಾಗಿ ಸನ್ಮಾನಿಸಲಾಯಿತು. ಈ ಸಂದರ್ಭದಲ್ಲಿ ಮಾತನಾಡಿದ ಅವರು, ಮಹಿಳೆಯು ಶಕ್ತಿ, ಪ್ರೀತಿ ಮತ್ತು ತ್ಯಾಗದ ಸಮಾಜದನ್ನು ಸಂಪ್ರದಾಯದಂತೆ ಮಹಿಳೆಯರೂ
ಸುಂದರವಾಗಿದ್ದಾರೆ. ಶಾಲೆಯ ಅಭಿವೃದ್ಧಿಯಲ್ಲಿ ಹಾಗೂ ಮಕ್ಕಳ ಭವಿಷ್ಯ ರೂಪಿಸುವಲ್ಲಿ ಶಿಕ್ಷಕಿಯರ ಪಾತ್ರ ಮಹತ್ವದ್ದಾಗಿದೆ. ಮಹಿಳಾ ಸಿಬ್ಬಂದಿಯ ಸಹಕಾರ ಅಪಾರವಾದುದು," ಎಂದು ಪ್ರಶಂಸಿಸಿದರು. ಶಾಲೆಯ ಎಲ್ಲಾ ತಾಯಂದಿರು, ಶಿಕ್ಷಕಿಯರು ಹಾಗೂ ಪೋಷಕರು ಕೂಡ ಮಹಿಳಾ ದಿನದ ಶುಭಾಶಯಗಳನ್ನು ಕೋರಿದ ಸಂಸ್ಥೆಯು, ಮಕ್ಕಳ ಶಿಕ್ಷಣಕ್ಕೆ ಅವರು ನೀಡುತ್ತಿರುವ ಬೆಂಬಲಕ್ಕೆ ಹೃತ್ಪೂರ್ವಕ ಧನ್ಯವಾದಗಳನ್ನು ಸಲ್ಲಿಸಿತು. ಕಾರ್ಯಕ್ರಮದಲ್ಲಿ ಸಂಸ್ಥೆಯ ಅಧ್ಯಕ್ಷರಾದ ಡಿ.ಎನ್.ಪ್ರಶಾಂತ್, ಕೋ ಆರ್ಡಿನೇಟರ್ ಸೂರ್ಯ ನಾಯ್ಕ್, ಶಿಕ್ಷಕರಾದ ಲತಾ, ಚೈತ್ರ, ರಮ್ಯ, ಶೈಲ, ಮೋನಿಕಾ, ನಾಗವೇಣಿ ಹಾಗೂ ಸಿಬ್ಬಂದಿಗಳು ಇದ್ದರು.
